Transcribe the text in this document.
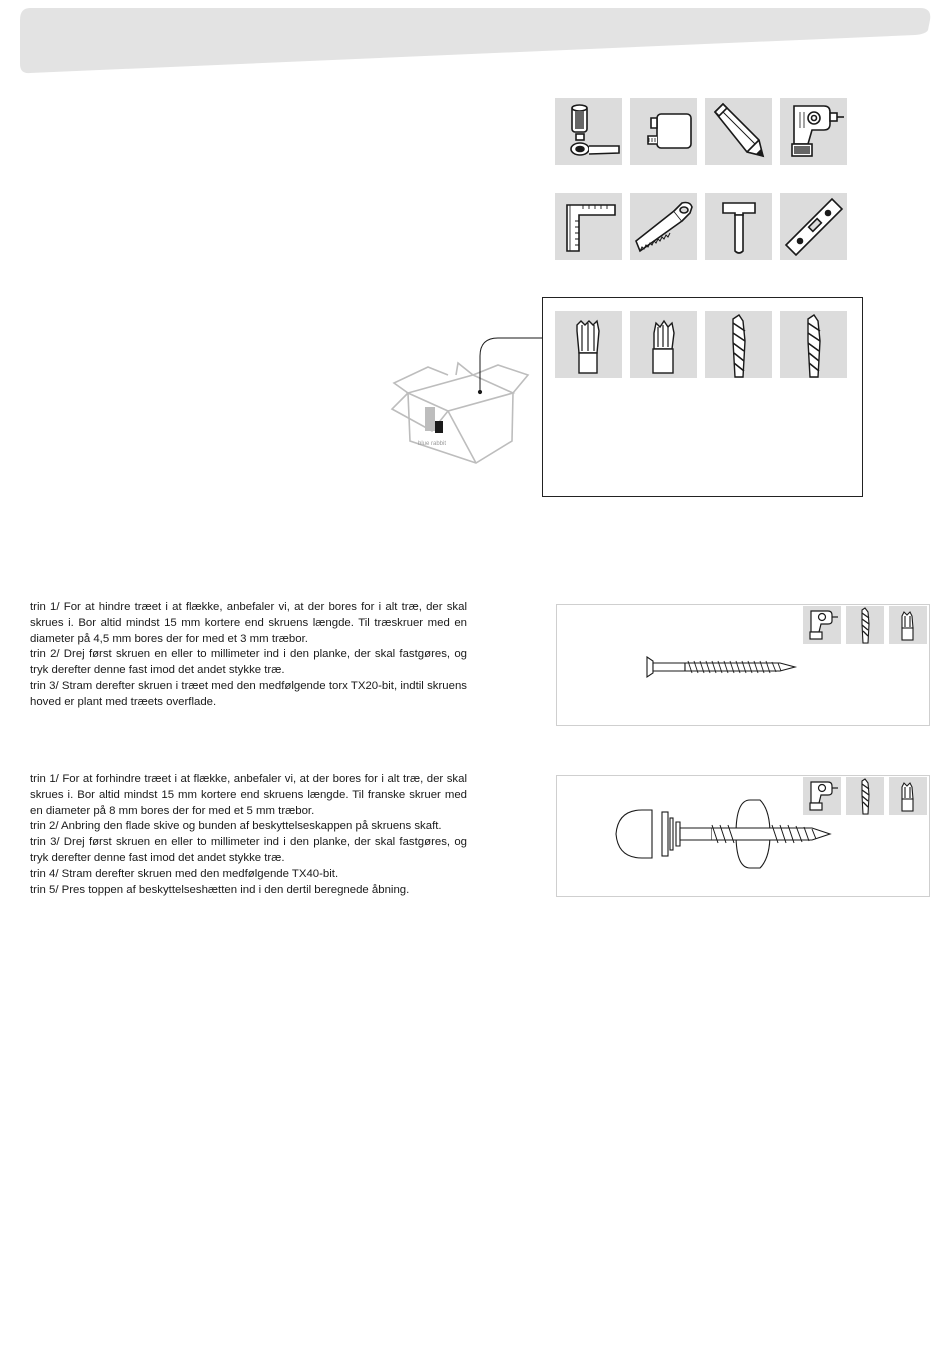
blue rabbit

trin 1/ For at hindre træet i at flække, anbefaler vi, at der bores for i alt træ, der skal skrues i. Bor altid mindst 15 mm kortere end skruens længde. Til træskruer med en diameter på 4,5 mm bores der for med et 3 mm træbor.

trin 2/ Drej først skruen en eller to millimeter ind i den planke, der skal fastgøres, og tryk derefter denne fast imod det andet stykke træ.

trin 3/ Stram derefter skruen i træet med den medfølgende torx TX20-bit, indtil skruens hoved er plant med træets overflade.

trin 1/ For at forhindre træet i at flække, anbefaler vi, at der bores for i alt træ, der skal skrues i. Bor altid mindst 15 mm kortere end skruens længde. Til franske skruer med en diameter på 8 mm bores der for med et 5 mm træbor.

trin 2/ Anbring den flade skive og bunden af beskyttelseskappen på skruens skaft.

trin 3/ Drej først skruen en eller to millimeter ind i den planke, der skal fastgøres, og tryk derefter denne fast imod det andet stykke træ.

trin 4/ Stram derefter skruen med den medfølgende TX40-bit.

trin 5/ Pres toppen af beskyttelseshætten ind i den dertil beregnede åbning.
